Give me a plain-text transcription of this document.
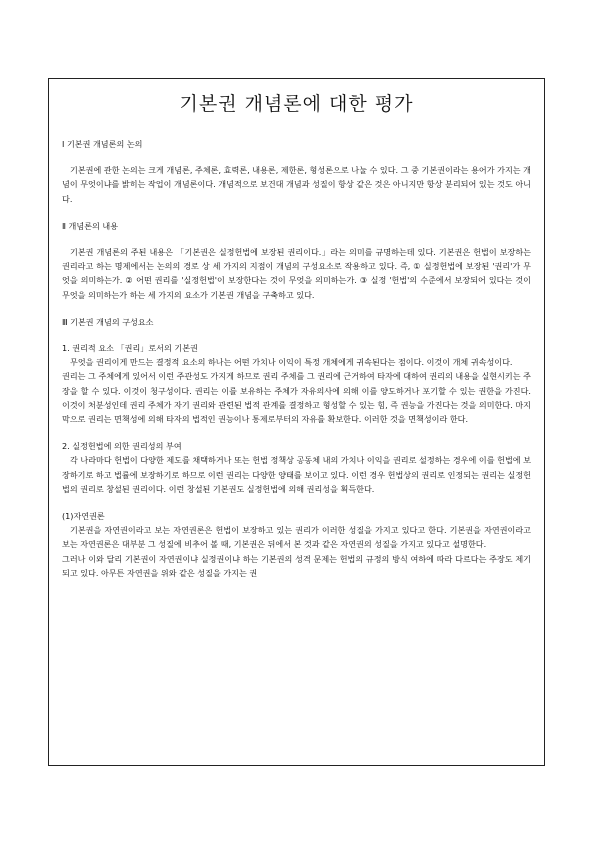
기본권 개념론에 대한 평가

Ⅰ 기본권 개념론의 논의

기본권에 관한 논의는 크게 개념론, 주체론, 효력론, 내용론, 제한론, 형성론으로 나눌 수 있다. 그 중 기본권이라는 용어가 가지는 개념이 무엇이냐를 밝히는 작업이 개념론이다. 개념적으로 보건대 개념과 성질이 항상 같은 것은 아니지만 항상 분리되어 있는 것도 아니다.

Ⅱ 개념론의 내용

기본권 개념론의 주된 내용은 「기본권은 실정헌법에 보장된 권리이다.」라는 의미를 규명하는데 있다. 기본권은 헌법이 보장하는 권리라고 하는 명제에서는 논의의 경로 상 세 가지의 지점이 개념의 구성요소로 작용하고 있다. 즉, ① 실정헌법에 보장된 '권리'가 무엇을 의미하는가. ② 어떤 권리를 '실정헌법'이 보장한다는 것이 무엇을 의미하는가. ③ 실정 '헌법'의 수준에서 보장되어 있다는 것이 무엇을 의미하는가 하는 세 가지의 요소가 기본권 개념을 구축하고 있다.

Ⅲ 기본권 개념의 구성요소

1. 권리적 요소 「권리」로서의 기본권

무엇을 권리이게 만드는 결정적 요소의 하나는 어떤 가치나 이익이 특정 개체에게 귀속된다는 점이다. 이것이 개체 귀속성이다.

권리는 그 주체에게 있어서 이런 주관성도 가지게 하므로 권리 주체를 그 권리에 근거하여 타자에 대하여 권리의 내용을 실현시키는 주장을 할 수 있다. 이것이 청구성이다. 권리는 이를 보유하는 주체가 자유의사에 의해 이를 양도하거나 포기할 수 있는 권한을 가진다. 이것이 처분성인데 권리 주체가 자기 권리와 관련된 법적 관계를 결정하고 형성할 수 있는 힘, 즉 권능을 가진다는 것을 의미한다. 마지막으로 권리는 면책성에 의해 타자의 법적인 권능이나 통제로부터의 자유를 확보한다. 이러한 것을 면책성이라 한다.

2. 실정헌법에 의한 권리성의 부여

각 나라마다 헌법이 다양한 제도를 채택하거나 또는 헌법 정책상 공동체 내의 가치나 이익을 권리로 설정하는 경우에 이를 헌법에 보장하기로 하고 법률에 보장하기로 하므로 이런 권리는 다양한 양태를 보이고 있다. 이런 경우 헌법상의 권리로 인정되는 권리는 실정헌법의 권리로 창설된 권리이다. 이런 창설된 기본권도 실정헌법에 의해 권리성을 획득한다.

(1)자연권론

기본권을 자연권이라고 보는 자연권론은 헌법이 보장하고 있는 권리가 이러한 성질을 가지고 있다고 한다. 기본권을 자연권이라고 보는 자연권론은 대부분 그 성질에 비추어 볼 때, 기본권은 뒤에서 본 것과 같은 자연권의 성질을 가지고 있다고 설명한다.

그러나 이와 달리 기본권이 자연권이냐 실정권이냐 하는 기본권의 성격 문제는 헌법의 규정의 방식 여하에 따라 다르다는 주장도 제기되고 있다. 아무튼 자연권을 위와 같은 성질을 가지는 권
